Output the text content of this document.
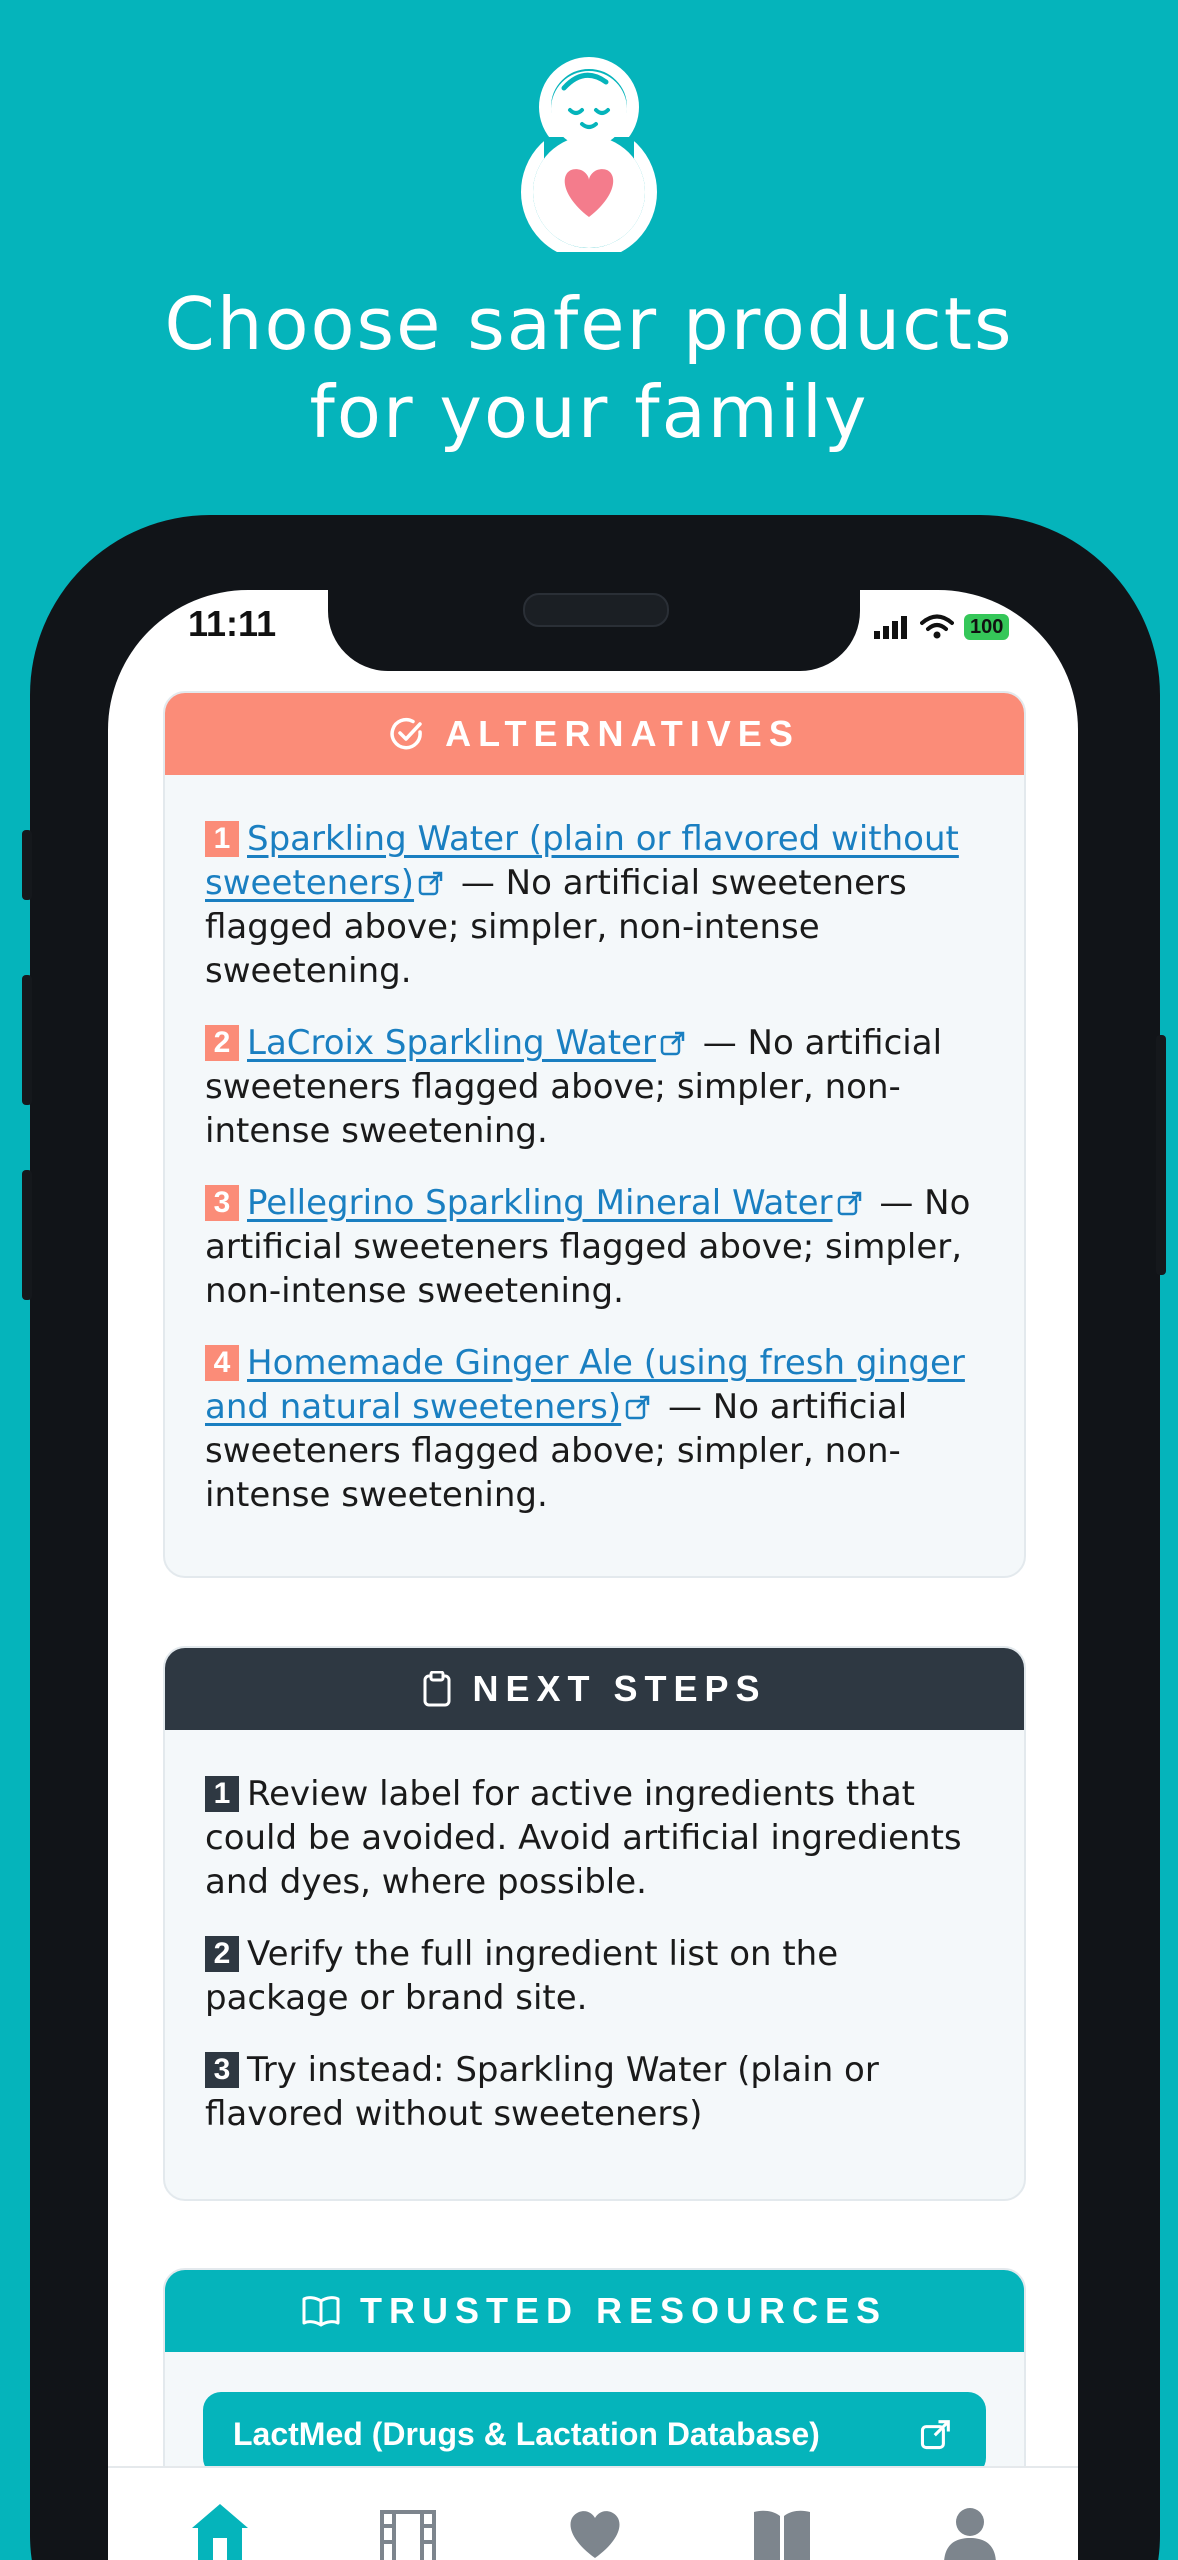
Choose safer products
for your family
11:11	100
ALTERNATIVES
1 Sparkling Water (plain or flavored without sweeteners) — No artificial sweeteners flagged above; simpler, non-intense sweetening.
2 LaCroix Sparkling Water — No artificial sweeteners flagged above; simpler, non-intense sweetening.
3 Pellegrino Sparkling Mineral Water — No artificial sweeteners flagged above; simpler, non-intense sweetening.
4 Homemade Ginger Ale (using fresh ginger and natural sweeteners) — No artificial sweeteners flagged above; simpler, non-intense sweetening.
NEXT STEPS
1 Review label for active ingredients that could be avoided. Avoid artificial ingredients and dyes, where possible.
2 Verify the full ingredient list on the package or brand site.
3 Try instead: Sparkling Water (plain or flavored without sweeteners)
TRUSTED RESOURCES
LactMed (Drugs & Lactation Database)
